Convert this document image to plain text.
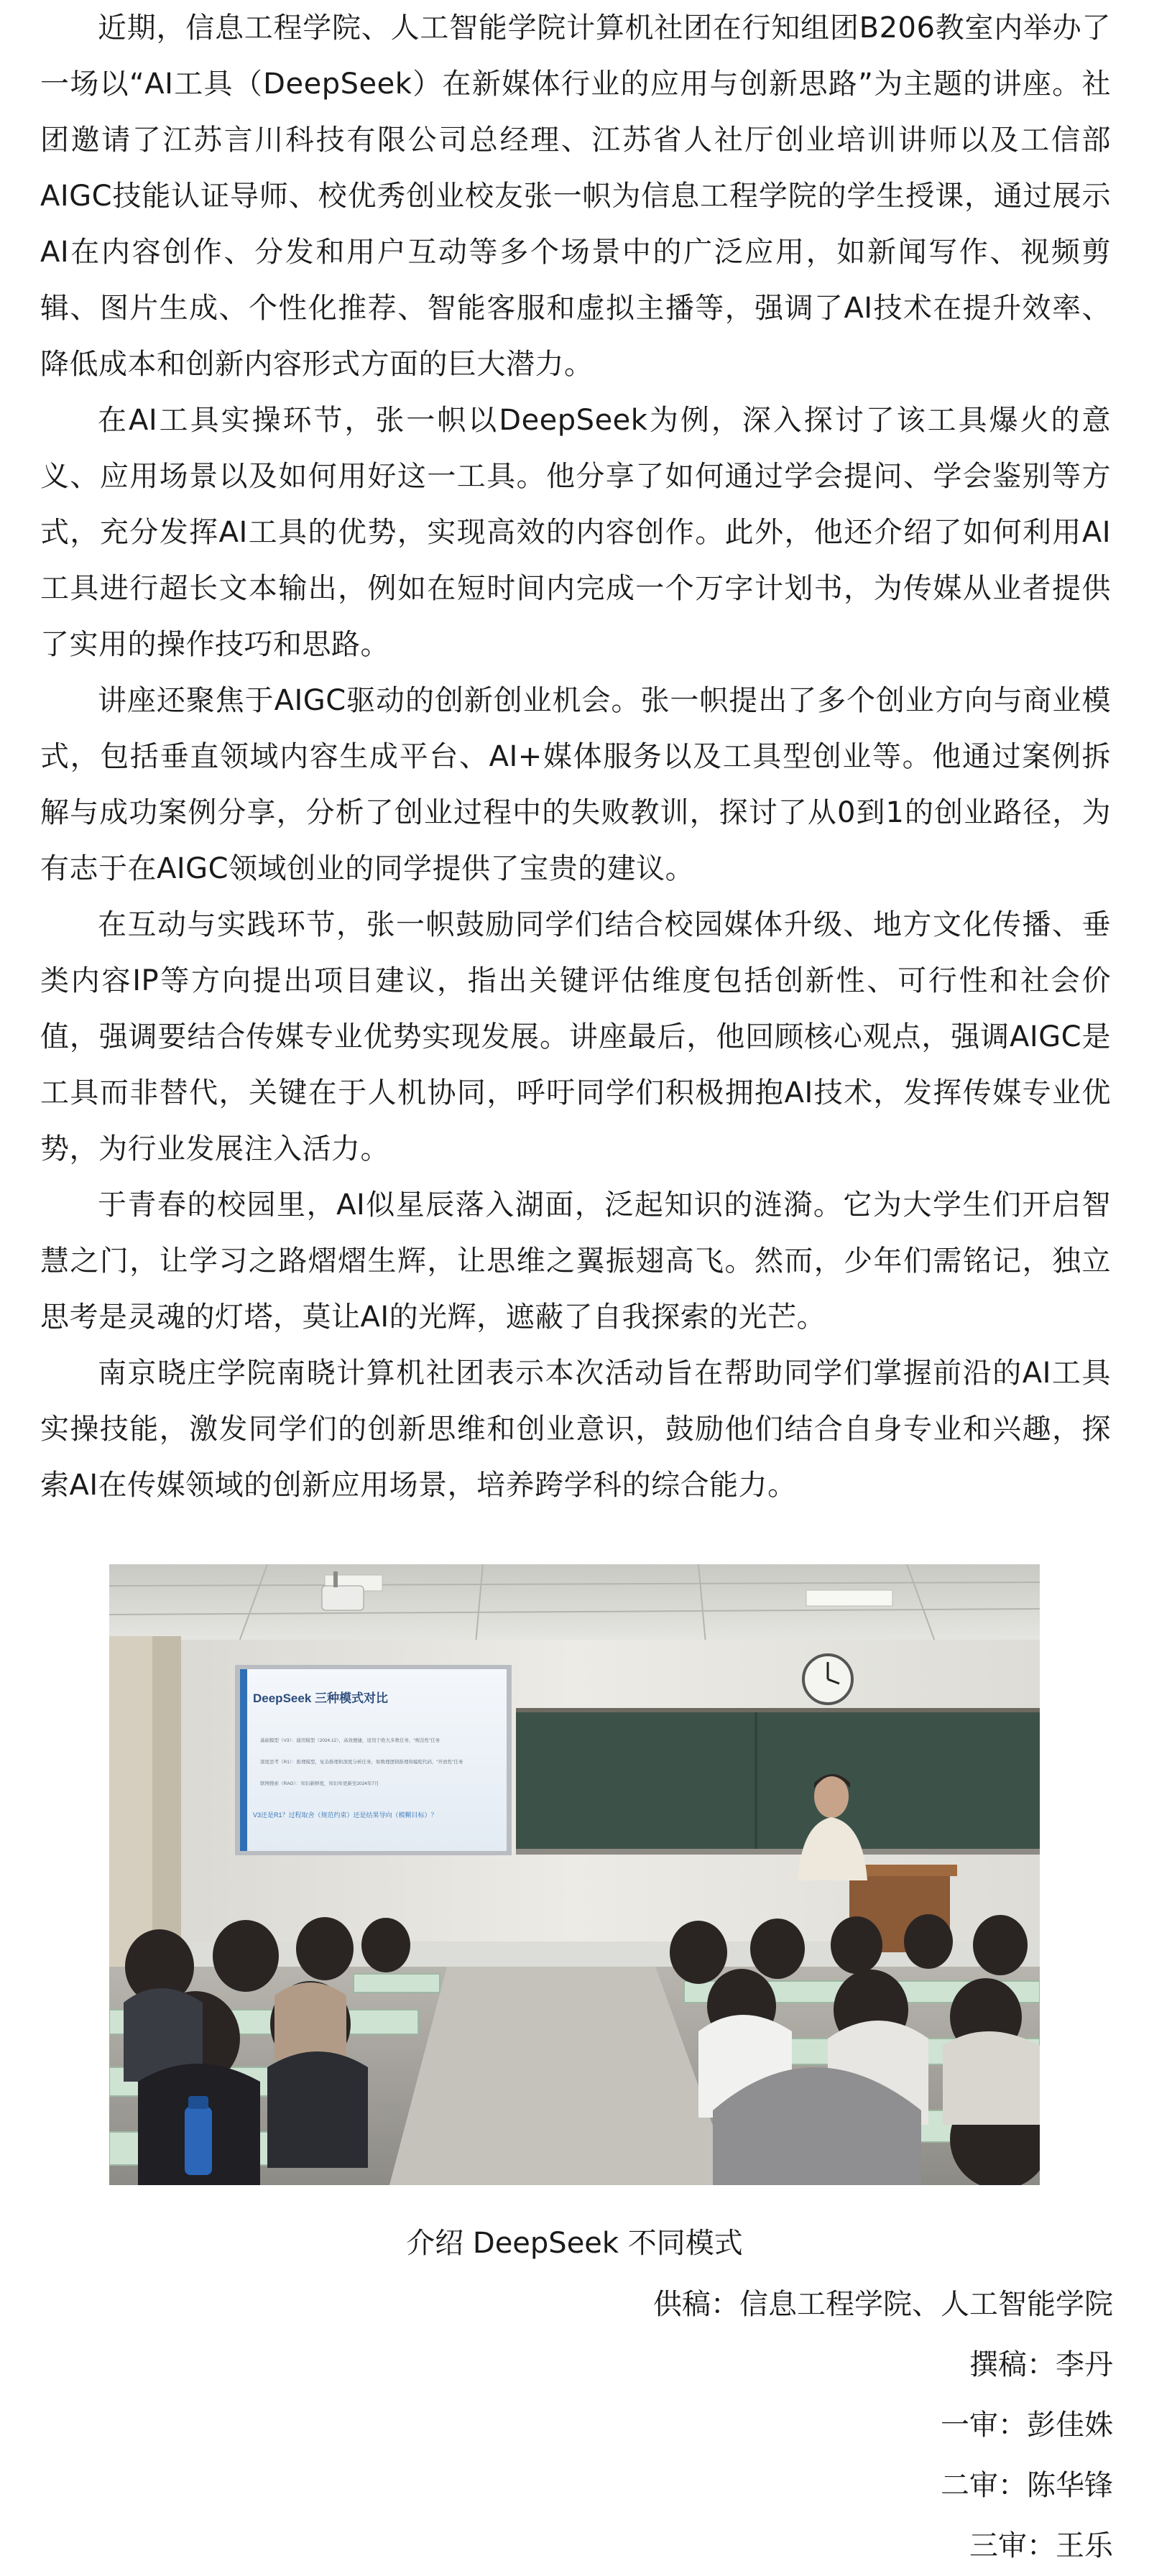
近期，信息工程学院、人工智能学院计算机社团在行知组团B206教室内举办了一场以“AI工具（DeepSeek）在新媒体行业的应用与创新思路”为主题的讲座。社团邀请了江苏言川科技有限公司总经理、江苏省人社厅创业培训讲师以及工信部AIGC技能认证导师、校优秀创业校友张一帜为信息工程学院的学生授课，通过展示AI在内容创作、分发和用户互动等多个场景中的广泛应用，如新闻写作、视频剪辑、图片生成、个性化推荐、智能客服和虚拟主播等，强调了AI技术在提升效率、降低成本和创新内容形式方面的巨大潜力。

在AI工具实操环节，张一帜以DeepSeek为例，深入探讨了该工具爆火的意义、应用场景以及如何用好这一工具。他分享了如何通过学会提问、学会鉴别等方式，充分发挥AI工具的优势，实现高效的内容创作。此外，他还介绍了如何利用AI工具进行超长文本输出，例如在短时间内完成一个万字计划书，为传媒从业者提供了实用的操作技巧和思路。

讲座还聚焦于AIGC驱动的创新创业机会。张一帜提出了多个创业方向与商业模式，包括垂直领域内容生成平台、AI+媒体服务以及工具型创业等。他通过案例拆解与成功案例分享，分析了创业过程中的失败教训，探讨了从0到1的创业路径，为有志于在AIGC领域创业的同学提供了宝贵的建议。

在互动与实践环节，张一帜鼓励同学们结合校园媒体升级、地方文化传播、垂类内容IP等方向提出项目建议，指出关键评估维度包括创新性、可行性和社会价值，强调要结合传媒专业优势实现发展。讲座最后，他回顾核心观点，强调AIGC是工具而非替代，关键在于人机协同，呼吁同学们积极拥抱AI技术，发挥传媒专业优势，为行业发展注入活力。

于青春的校园里，AI似星辰落入湖面，泛起知识的涟漪。它为大学生们开启智慧之门，让学习之路熠熠生辉，让思维之翼振翅高飞。然而，少年们需铭记，独立思考是灵魂的灯塔，莫让AI的光辉，遮蔽了自我探索的光芒。

南京晓庄学院南晓计算机社团表示本次活动旨在帮助同学们掌握前沿的AI工具实操技能，激发同学们的创新思维和创业意识，鼓励他们结合自身专业和兴趣，探索AI在传媒领域的创新应用场景，培养跨学科的综合能力。

DeepSeek 三种模式对比
基础模型（V3）：通用模型（2024.12），高效便捷，适用于绝大多数任务，“规范性”任务
深度思考（R1）：推理模型，复杂推理和深度分析任务，如数理逻辑推理和编程代码，“开放性”任务
联网搜索（RAG）：知识新鲜度，知识库更新至2024年7月
V3还是R1？过程取舍（规范约束）还是结果导向（模糊目标）？
介绍 DeepSeek 不同模式
供稿：信息工程学院、人工智能学院
撰稿：李丹
一审：彭佳姝
二审：陈华锋
三审：王乐
